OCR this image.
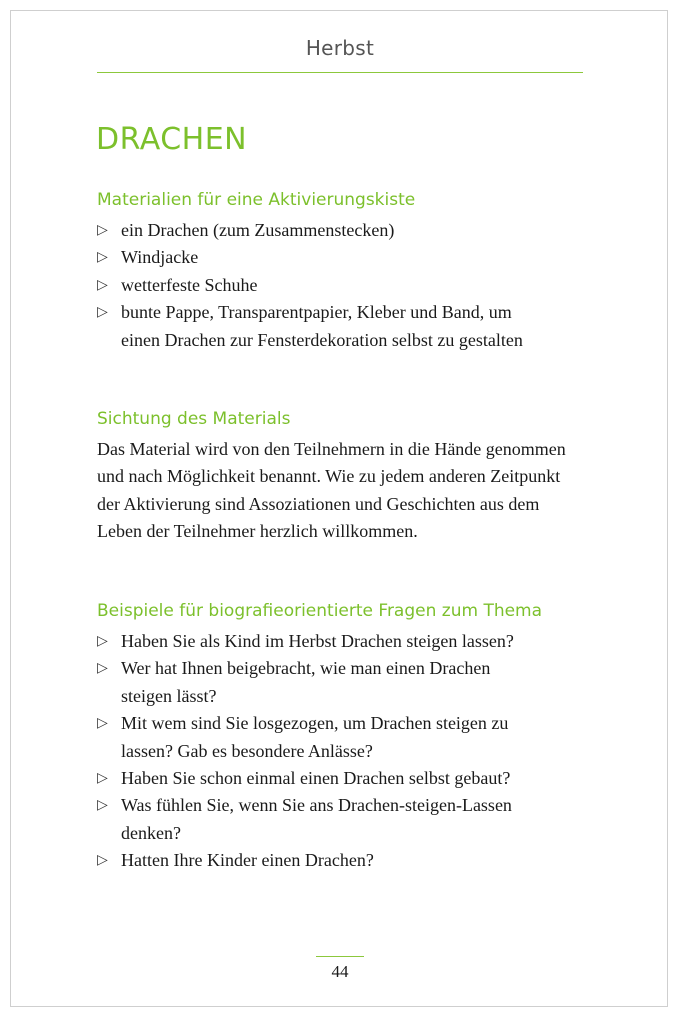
Herbst
DRACHEN
Materialien für eine Aktivierungskiste
▷ ein Drachen (zum Zusammenstecken)
▷ Windjacke
▷ wetterfeste Schuhe
▷ bunte Pappe, Transparentpapier, Kleber und Band, um einen Drachen zur Fensterdekoration selbst zu gestalten
Sichtung des Materials

Das Material wird von den Teilnehmern in die Hände genommen und nach Möglichkeit benannt. Wie zu jedem anderen Zeitpunkt der Aktivierung sind Assoziationen und Geschichten aus dem Leben der Teilnehmer herzlich willkommen.

Beispiele für biografieorientierte Fragen zum Thema
▷ Haben Sie als Kind im Herbst Drachen steigen lassen?
▷ Wer hat Ihnen beigebracht, wie man einen Drachen steigen lässt?
▷ Mit wem sind Sie losgezogen, um Drachen steigen zu lassen? Gab es besondere Anlässe?
▷ Haben Sie schon einmal einen Drachen selbst gebaut?
▷ Was fühlen Sie, wenn Sie ans Drachen-steigen-Lassen denken?
▷ Hatten Ihre Kinder einen Drachen?
44
